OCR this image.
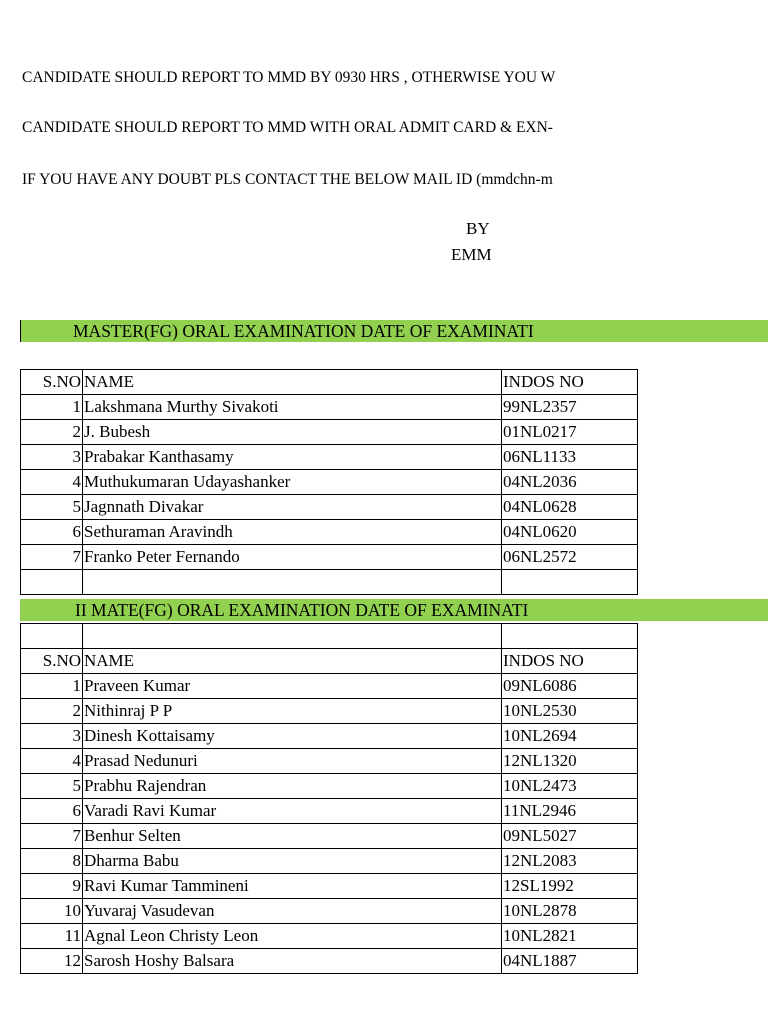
CANDIDATE SHOULD REPORT TO MMD BY 0930 HRS , OTHERWISE YOU W
CANDIDATE SHOULD REPORT TO MMD WITH ORAL ADMIT CARD & EXN-
IF YOU HAVE ANY DOUBT PLS CONTACT THE BELOW MAIL ID (mmdchn-m
BY
EMM
MASTER(FG) ORAL EXAMINATION DATE OF EXAMINATI
S.NO	NAME	INDOS NO
1	Lakshmana Murthy Sivakoti	99NL2357
2	J. Bubesh	01NL0217
3	Prabakar Kanthasamy	06NL1133
4	Muthukumaran Udayashanker	04NL2036
5	Jagnnath Divakar	04NL0628
6	Sethuraman Aravindh	04NL0620
7	Franko Peter Fernando	06NL2572

II MATE(FG) ORAL EXAMINATION DATE OF EXAMINATI

S.NO	NAME	INDOS NO
1	Praveen Kumar	09NL6086
2	Nithinraj P P	10NL2530
3	Dinesh Kottaisamy	10NL2694
4	Prasad Nedunuri	12NL1320
5	Prabhu Rajendran	10NL2473
6	Varadi Ravi Kumar	11NL2946
7	Benhur Selten	09NL5027
8	Dharma Babu	12NL2083
9	Ravi Kumar Tammineni	12SL1992
10	Yuvaraj Vasudevan	10NL2878
11	Agnal Leon Christy Leon	10NL2821
12	Sarosh Hoshy Balsara	04NL1887
